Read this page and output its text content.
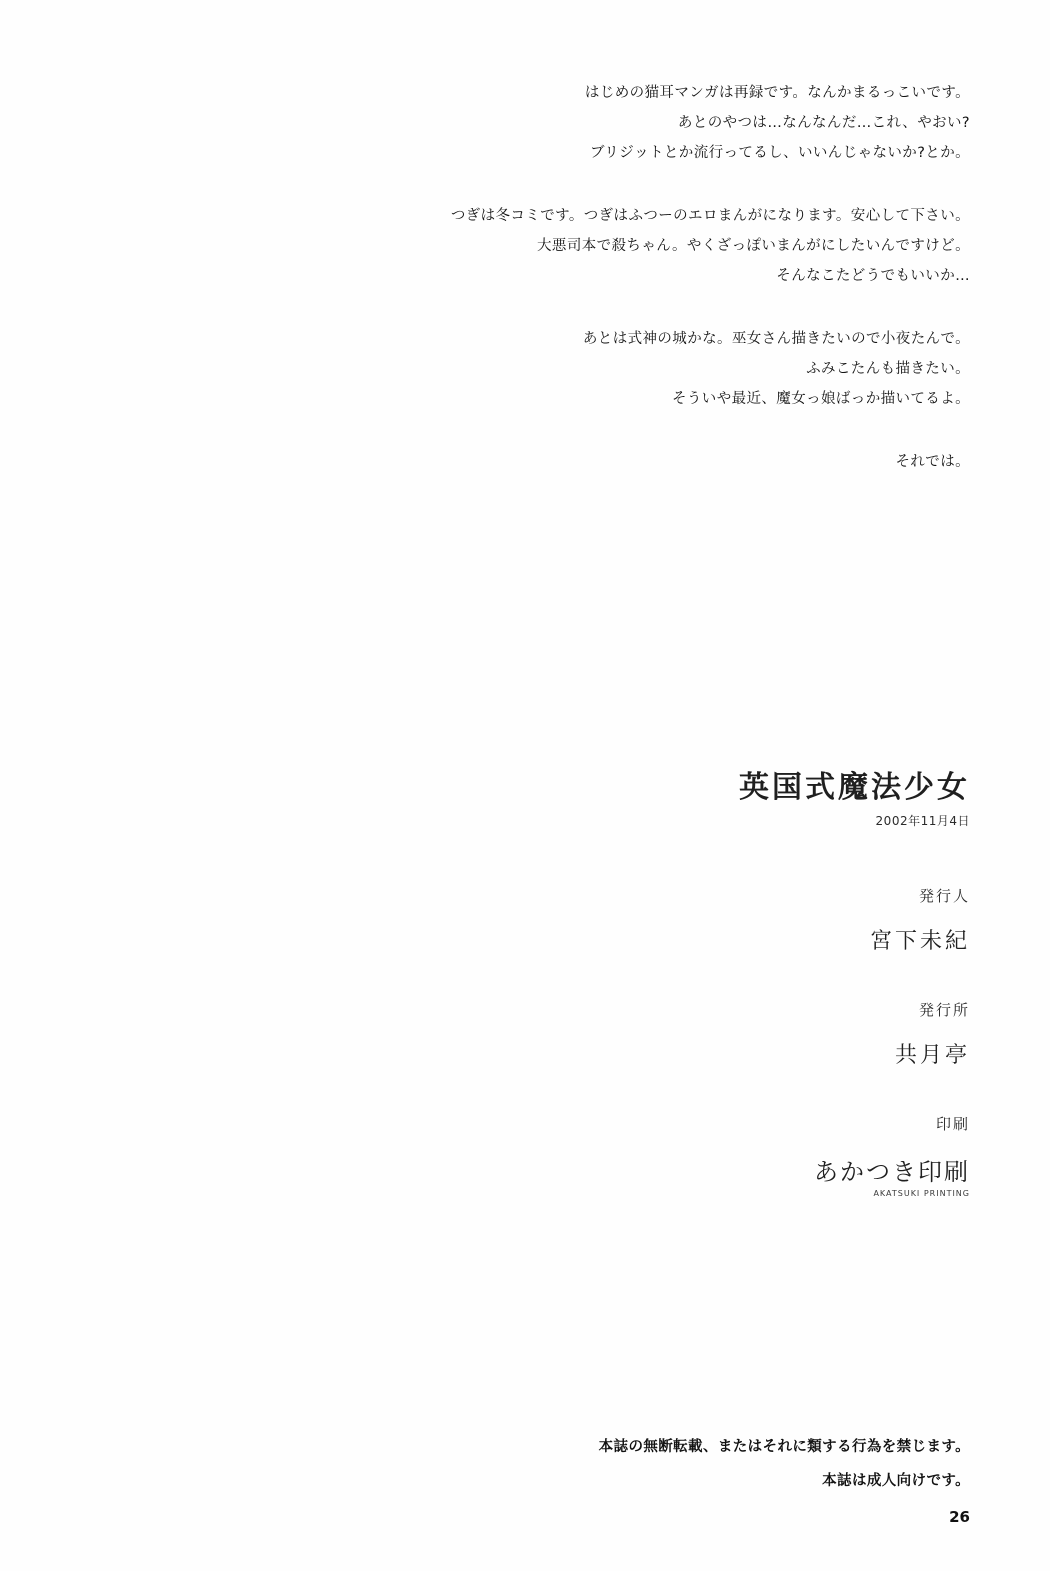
はじめの猫耳マンガは再録です。なんかまるっこいです。
あとのやつは…なんなんだ…これ、やおい?
ブリジットとか流行ってるし、いいんじゃないか?とか。
つぎは冬コミです。つぎはふつーのエロまんがになります。安心して下さい。
大悪司本で殺ちゃん。やくざっぽいまんがにしたいんですけど。
そんなこたどうでもいいか…
あとは式神の城かな。巫女さん描きたいので小夜たんで。
ふみこたんも描きたい。
そういや最近、魔女っ娘ばっか描いてるよ。
それでは。
英国式魔法少女
2002年11月4日
発行人
宮下未紀
発行所
共月亭
印刷
あかつき印刷
AKATSUKI PRINTING
本誌の無断転載、またはそれに類する行為を禁じます。
本誌は成人向けです。
26
